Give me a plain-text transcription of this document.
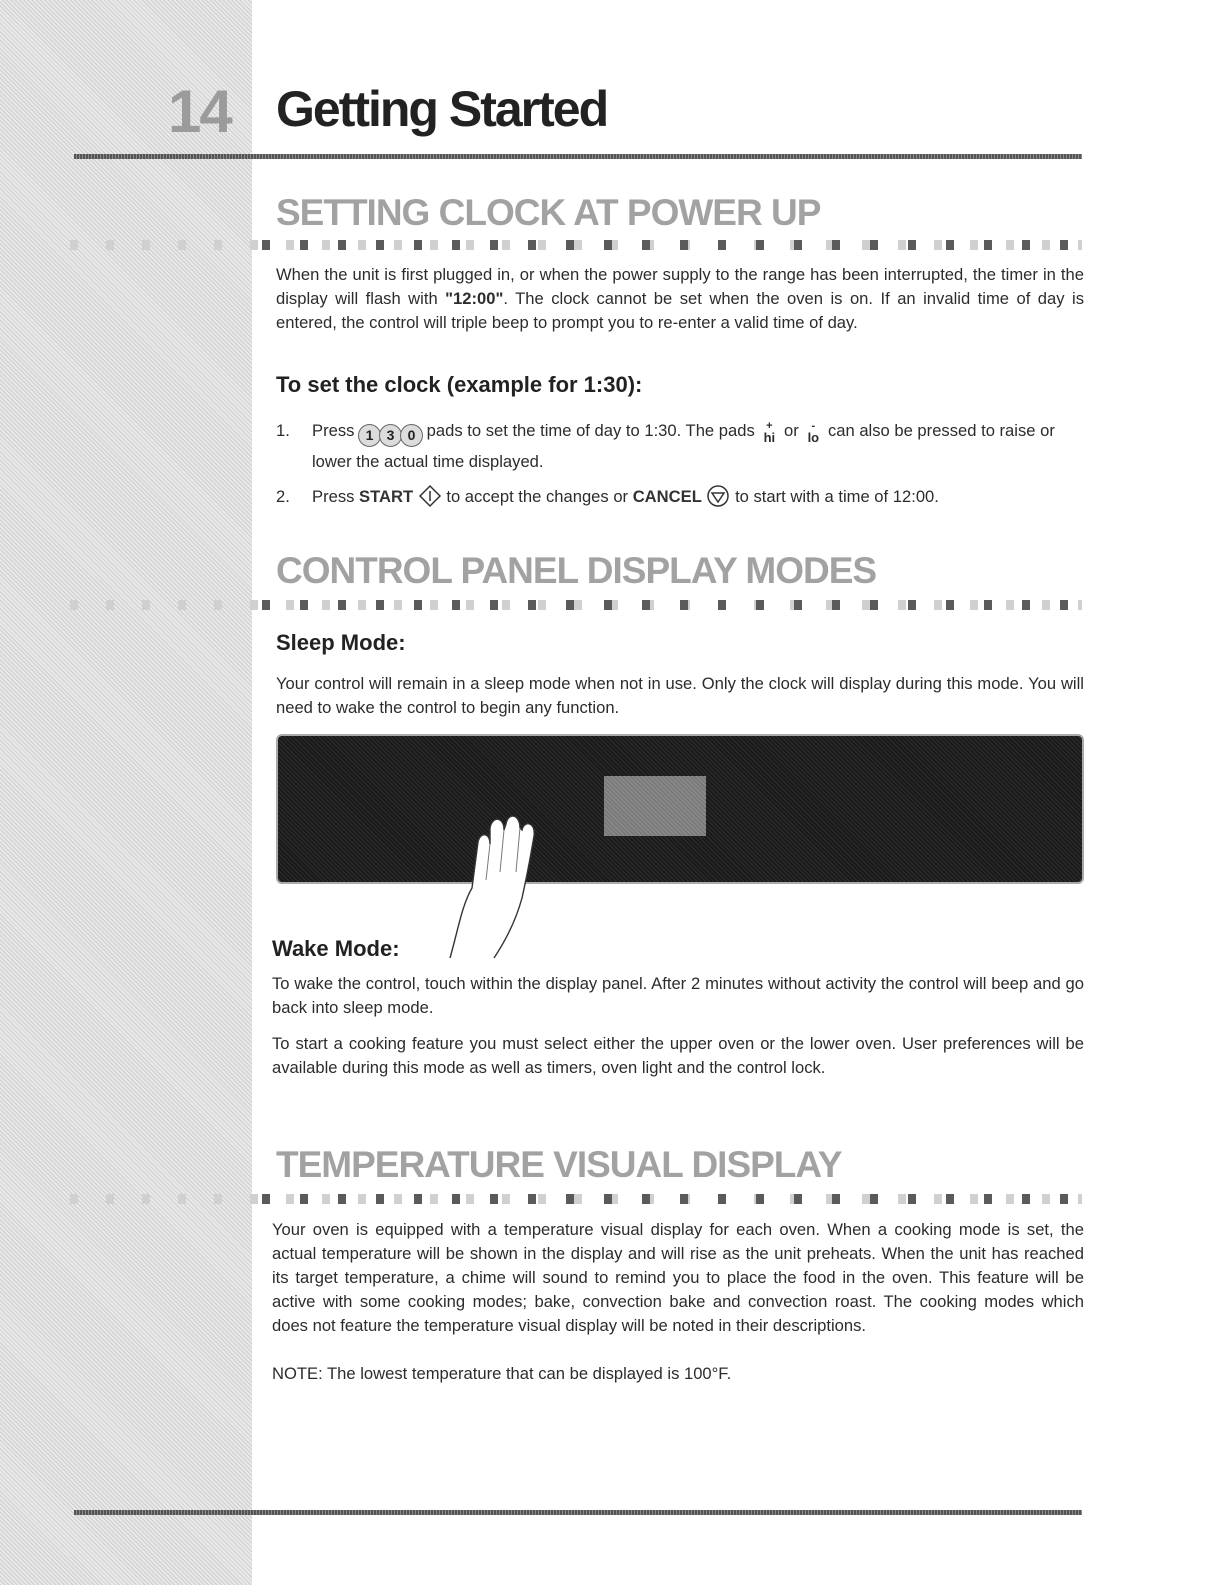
14 Getting Started
SETTING CLOCK AT POWER UP

When the unit is first plugged in, or when the power supply to the range has been interrupted, the timer in the display will flash with "12:00". The clock cannot be set when the oven is on. If an invalid time of day is entered, the control will triple beep to prompt you to re-enter a valid time of day.

To set the clock (example for 1:30):
1. Press 1 3 0 pads to set the time of day to 1:30. The pads +
hi or -
lo can also be pressed to raise or lower the actual time displayed.
2. Press START  to accept the changes or CANCEL  to start with a time of 12:00.
CONTROL PANEL DISPLAY MODES
Sleep Mode:

Your control will remain in a sleep mode when not in use. Only the clock will display during this mode. You will need to wake the control to begin any function.

Wake Mode:

To wake the control, touch within the display panel. After 2 minutes without activity the control will beep and go back into sleep mode.

To start a cooking feature you must select either the upper oven or the lower oven. User preferences will be available during this mode as well as timers, oven light and the control lock.

TEMPERATURE VISUAL DISPLAY

Your oven is equipped with a temperature visual display for each oven. When a cooking mode is set, the actual temperature will be shown in the display and will rise as the unit preheats. When the unit has reached its target temperature, a chime will sound to remind you to place the food in the oven. This feature will be active with some cooking modes; bake, convection bake and convection roast. The cooking modes which does not feature the temperature visual display will be noted in their descriptions.

NOTE: The lowest temperature that can be displayed is 100°F.
